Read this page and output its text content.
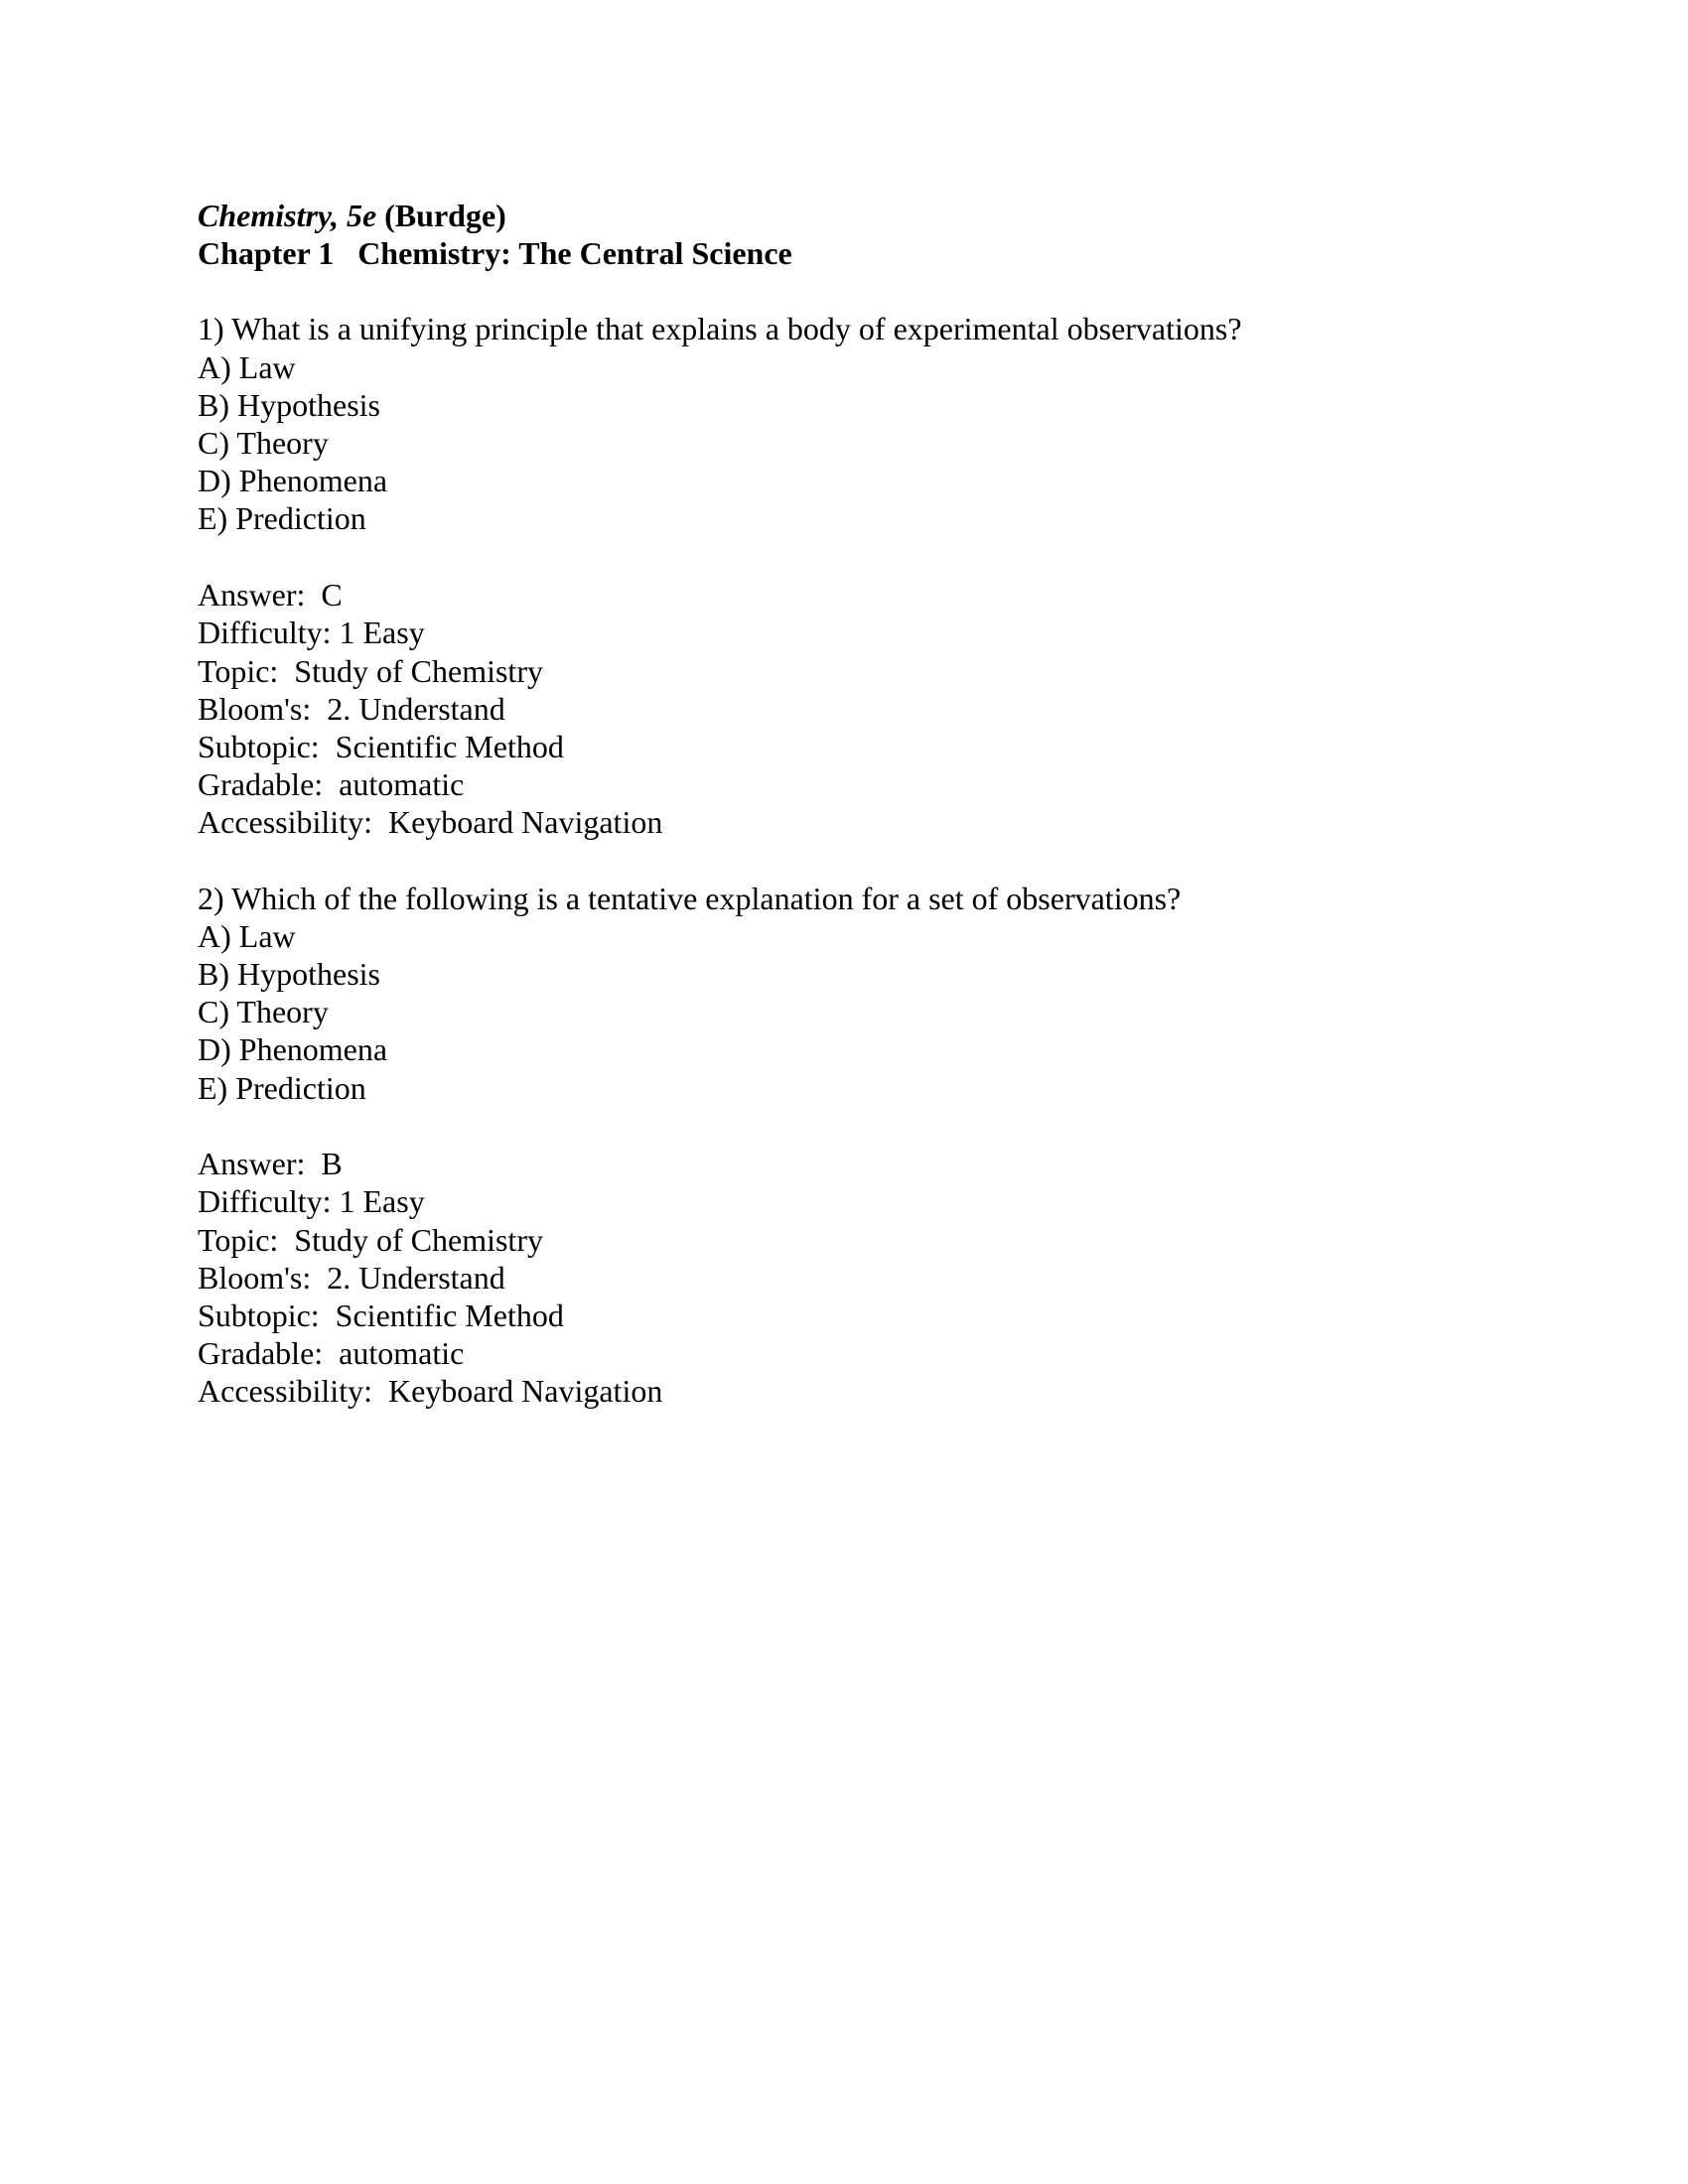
Chemistry, 5e (Burdge)
Chapter 1   Chemistry: The Central Science
1) What is a unifying principle that explains a body of experimental observations?
A) Law
B) Hypothesis
C) Theory
D) Phenomena
E) Prediction
Answer:  C
Difficulty: 1 Easy
Topic:  Study of Chemistry
Bloom's:  2. Understand
Subtopic:  Scientific Method
Gradable:  automatic
Accessibility:  Keyboard Navigation
2) Which of the following is a tentative explanation for a set of observations?
A) Law
B) Hypothesis
C) Theory
D) Phenomena
E) Prediction
Answer:  B
Difficulty: 1 Easy
Topic:  Study of Chemistry
Bloom's:  2. Understand
Subtopic:  Scientific Method
Gradable:  automatic
Accessibility:  Keyboard Navigation
